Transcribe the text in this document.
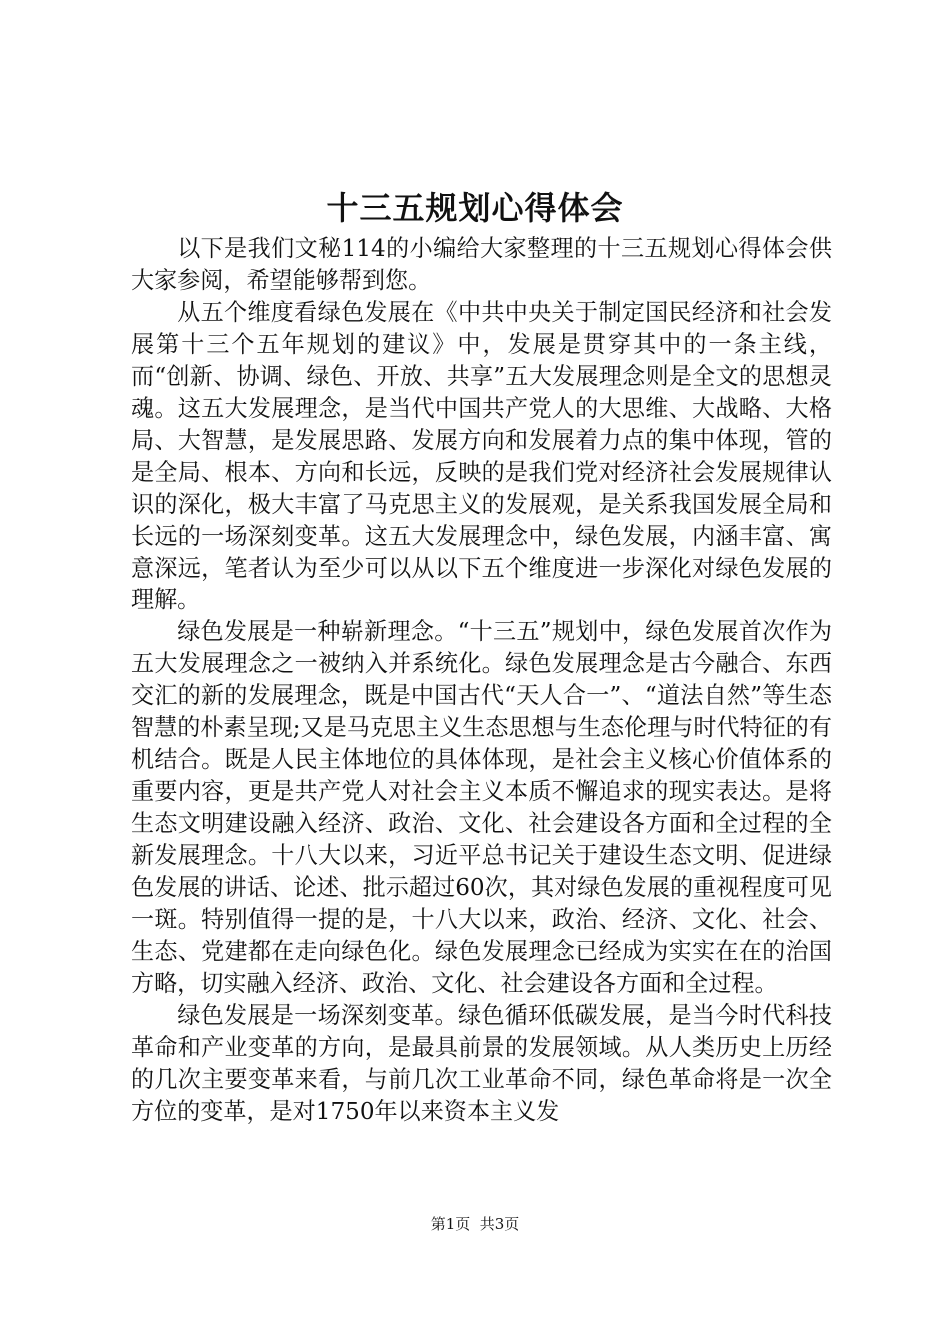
十三五规划心得体会

以下是我们文秘114的小编给大家整理的十三五规划心得体会供大家参阅，希望能够帮到您。

从五个维度看绿色发展在《中共中央关于制定国民经济和社会发展第十三个五年规划的建议》中，发展是贯穿其中的一条主线，而“创新、协调、绿色、开放、共享”五大发展理念则是全文的思想灵魂。这五大发展理念，是当代中国共产党人的大思维、大战略、大格局、大智慧，是发展思路、发展方向和发展着力点的集中体现，管的是全局、根本、方向和长远，反映的是我们党对经济社会发展规律认识的深化，极大丰富了马克思主义的发展观，是关系我国发展全局和长远的一场深刻变革。这五大发展理念中，绿色发展，内涵丰富、寓意深远，笔者认为至少可以从以下五个维度进一步深化对绿色发展的理解。

绿色发展是一种崭新理念。“十三五”规划中，绿色发展首次作为五大发展理念之一被纳入并系统化。绿色发展理念是古今融合、东西交汇的新的发展理念，既是中国古代“天人合一”、“道法自然”等生态智慧的朴素呈现;又是马克思主义生态思想与生态伦理与时代特征的有机结合。既是人民主体地位的具体体现，是社会主义核心价值体系的重要内容，更是共产党人对社会主义本质不懈追求的现实表达。是将生态文明建设融入经济、政治、文化、社会建设各方面和全过程的全新发展理念。十八大以来，习近平总书记关于建设生态文明、促进绿色发展的讲话、论述、批示超过60次，其对绿色发展的重视程度可见一斑。特别值得一提的是，十八大以来，政治、经济、文化、社会、生态、党建都在走向绿色化。绿色发展理念已经成为实实在在的治国方略，切实融入经济、政治、文化、社会建设各方面和全过程。

绿色发展是一场深刻变革。绿色循环低碳发展，是当今时代科技革命和产业变革的方向，是最具前景的发展领域。从人类历史上历经的几次主要变革来看，与前几次工业革命不同，绿色革命将是一次全方位的变革，是对1750年以来资本主义发

第1页  共3页
